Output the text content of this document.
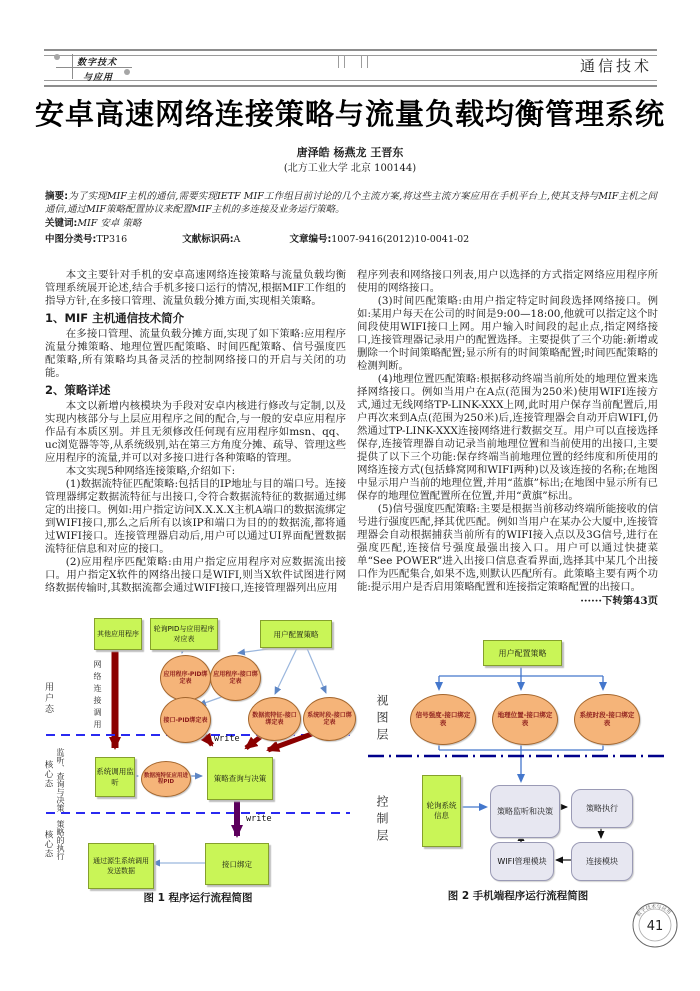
数字技术
与应用
通信技术
安卓高速网络连接策略与流量负载均衡管理系统
唐泽皓 杨燕龙 王晋东
(北方工业大学 北京 100144)

摘要:为了实现MIF主机的通信,需要实现IETF MIF工作组目前讨论的几个主流方案,将这些主流方案应用在手机平台上,使其支持与MIF主机之间通信,通过MIF策略配置协议来配置MIF主机的多连接及业务运行策略。

关键词:MIF 安卓 策略

中图分类号:TP316	文献标识码:A	文章编号:1007-9416(2012)10-0041-02

本文主要针对手机的安卓高速网络连接策略与流量负载均衡管理系统展开论述,结合手机多接口运行的情况,根据MIF工作组的指导方针,在多接口管理、流量负载分摊方面,实现相关策略。

1、MIF 主机通信技术简介

在多接口管理、流量负载分摊方面,实现了如下策略:应用程序流量分摊策略、地理位置匹配策略、时间匹配策略、信号强度匹配策略,所有策略均具备灵活的控制网络接口的开启与关闭的功能。

2、策略详述

本文以新增内核模块为手段对安卓内核进行修改与定制,以及实现内核部分与上层应用程序之间的配合,与一般的安卓应用程序作品有本质区别。并且无须修改任何现有应用程序如msn、qq、uc浏览器等等,从系统级别,站在第三方角度分摊、疏导、管理这些应用程序的流量,并可以对多接口进行各种策略的管理。

本文实现5种网络连接策略,介绍如下:

(1)数据流特征匹配策略:包括目的IP地址与目的端口号。连接管理器绑定数据流特征与出接口,令符合数据流特征的数据通过绑定的出接口。例如:用户指定访问X.X.X.X主机A端口的数据流绑定到WIFI接口,那么之后所有以该IP和端口为目的的数据流,都将通过WIFI接口。连接管理器启动后,用户可以通过UI界面配置数据流特征信息和对应的接口。

(2)应用程序匹配策略:由用户指定应用程序对应数据流出接口。用户指定X软件的网络出接口是WIFI,则当X软件试图进行网络数据传输时,其数据流都会通过WIFI接口,连接管理器列出应用

程序列表和网络接口列表,用户以选择的方式指定网络应用程序所使用的网络接口。

(3)时间匹配策略:由用户指定特定时间段选择网络接口。例如:某用户每天在公司的时间是9:00—18:00,他就可以指定这个时间段使用WIFI接口上网。用户输入时间段的起止点,指定网络接口,连接管理器记录用户的配置选择。主要提供了三个功能:新增或删除一个时间策略配置;显示所有的时间策略配置;时间匹配策略的检测判断。

(4)地理位置匹配策略:根据移动终端当前所处的地理位置来选择网络接口。例如当用户在A点(范围为250米)使用WIFI连接方式,通过无线网络TP-LINK-XXX上网,此时用户保存当前配置后,用户再次来到A点(范围为250米)后,连接管理器会自动开启WIFI,仍然通过TP-LINK-XXX连接网络进行数据交互。用户可以直接选择保存,连接管理器自动记录当前地理位置和当前使用的出接口,主要提供了以下三个功能:保存终端当前地理位置的经纬度和所使用的网络连接方式(包括蜂窝网和WIFI两种)以及该连接的名称;在地图中显示用户当前的地理位置,并用“蓝旗”标出;在地图中显示所有已保存的地理位置配置所在位置,并用“黄旗”标出。

(5)信号强度匹配策略:主要是根据当前移动终端所能接收的信号进行强度匹配,择其优匹配。例如当用户在某办公大厦中,连接管理器会自动根据捕获当前所有的WIFI接入点以及3G信号,进行在强度匹配,连接信号强度最强出接入口。用户可以通过快捷菜单“See POWER”进入出接口信息查看界面,选择其中某几个出接口作为匹配集合,如果不选,则默认匹配所有。此策略主要有两个功能:提示用户是否启用策略配置和连接指定策略配置的出接口。

······下转第43页
其他应用程序
轮询PID与应用程序对应表
用户配置策略
应用程序-PID绑定表
应用程序-接口绑定表
接口-PID绑定表
数据流特征-接口绑定表
系统时段-接口绑定表
网络连接调用
write
系统调用监听
数据流特征应用进程PID	策略查询与决策
write
通过源生系统调用发送数据
接口绑定
用户态
核心态 监听、查询与决策
核心态 策略的执行
图 1 程序运行流程简图
用户配置策略
信号强度-接口绑定表
地理位置-接口绑定表
系统时段-接口绑定表
视图层
控制层	轮询系统信息	策略监听和决策	策略执行
WIFI管理模块	连接模块
图 2 手机端程序运行流程简图
数字技术与应用
41
